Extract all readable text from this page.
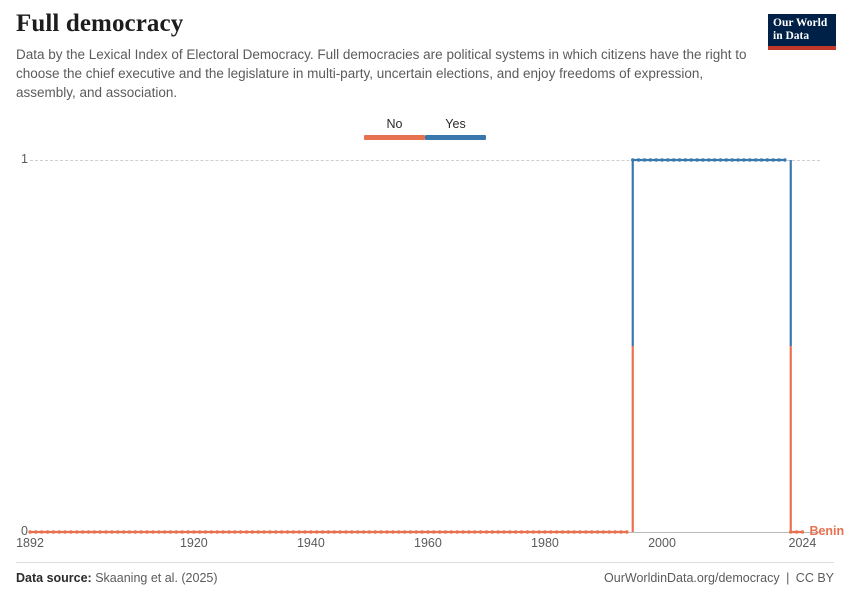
Full democracy

Data by the Lexical Index of Electoral Democracy. Full democracies are political systems in which citizens have the right to choose the chief executive and the legislature in multi-party, uncertain elections, and enjoy freedoms of expression, assembly, and association.

Our World
in Data
No	Yes
0
1
Benin
1892	1920	1940	1960	1980	2000	2024
Data source: Skaaning et al. (2025)	OurWorldinData.org/democracy | CC BY
